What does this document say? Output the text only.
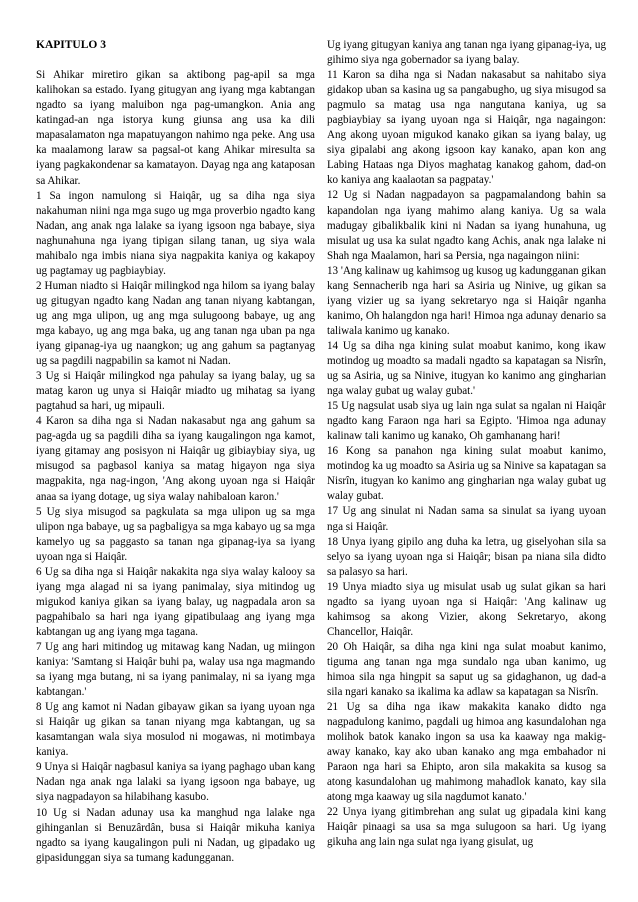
KAPITULO 3

Si Ahikar miretiro gikan sa aktibong pag-apil sa mga kalihokan sa estado. Iyang gitugyan ang iyang mga kabtangan ngadto sa iyang maluibon nga pag-umangkon. Ania ang katingad-an nga istorya kung giunsa ang usa ka dili mapasalamaton nga mapatuyangon nahimo nga peke. Ang usa ka maalamong laraw sa pagsal-ot kang Ahikar miresulta sa iyang pagkakondenar sa kamatayon. Dayag nga ang kataposan sa Ahikar.

1 Sa ingon namulong si Haiqâr, ug sa diha nga siya nakahuman niini nga mga sugo ug mga proverbio ngadto kang Nadan, ang anak nga lalake sa iyang igsoon nga babaye, siya naghunahuna nga iyang tipigan silang tanan, ug siya wala mahibalo nga imbis niana siya nagpakita kaniya og kakapoy ug pagtamay ug pagbiaybiay.

2 Human niadto si Haiqâr milingkod nga hilom sa iyang balay ug gitugyan ngadto kang Nadan ang tanan niyang kabtangan, ug ang mga ulipon, ug ang mga sulugoong babaye, ug ang mga kabayo, ug ang mga baka, ug ang tanan nga uban pa nga iyang gipanag-iya ug naangkon; ug ang gahum sa pagtanyag ug sa pagdili nagpabilin sa kamot ni Nadan.

3 Ug si Haiqâr milingkod nga pahulay sa iyang balay, ug sa matag karon ug unya si Haiqâr miadto ug mihatag sa iyang pagtahud sa hari, ug mipauli.

4 Karon sa diha nga si Nadan nakasabut nga ang gahum sa pag-agda ug sa pagdili diha sa iyang kaugalingon nga kamot, iyang gitamay ang posisyon ni Haiqâr ug gibiaybiay siya, ug misugod sa pagbasol kaniya sa matag higayon nga siya magpakita, nga nag-ingon, 'Ang akong uyoan nga si Haiqâr anaa sa iyang dotage, ug siya walay nahibaloan karon.'

5 Ug siya misugod sa pagkulata sa mga ulipon ug sa mga ulipon nga babaye, ug sa pagbaligya sa mga kabayo ug sa mga kamelyo ug sa paggasto sa tanan nga gipanag-iya sa iyang uyoan nga si Haiqâr.

6 Ug sa diha nga si Haiqâr nakakita nga siya walay kalooy sa iyang mga alagad ni sa iyang panimalay, siya mitindog ug migukod kaniya gikan sa iyang balay, ug nagpadala aron sa pagpahibalo sa hari nga iyang gipatibulaag ang iyang mga kabtangan ug ang iyang mga tagana.

7 Ug ang hari mitindog ug mitawag kang Nadan, ug miingon kaniya: 'Samtang si Haiqâr buhi pa, walay usa nga magmando sa iyang mga butang, ni sa iyang panimalay, ni sa iyang mga kabtangan.'

8 Ug ang kamot ni Nadan gibayaw gikan sa iyang uyoan nga si Haiqâr ug gikan sa tanan niyang mga kabtangan, ug sa kasamtangan wala siya mosulod ni mogawas, ni motimbaya kaniya.

9 Unya si Haiqâr nagbasul kaniya sa iyang paghago uban kang Nadan nga anak nga lalaki sa iyang igsoon nga babaye, ug siya nagpadayon sa hilabihang kasubo.

10 Ug si Nadan adunay usa ka manghud nga lalake nga gihinganlan si Benuzârdân, busa si Haiqâr mikuha kaniya ngadto sa iyang kaugalingon puli ni Nadan, ug gipadako ug gipasidunggan siya sa tumang kadungganan.

Ug iyang gitugyan kaniya ang tanan nga iyang gipanag-iya, ug gihimo siya nga gobernador sa iyang balay.

11 Karon sa diha nga si Nadan nakasabut sa nahitabo siya gidakop uban sa kasina ug sa pangabugho, ug siya misugod sa pagmulo sa matag usa nga nangutana kaniya, ug sa pagbiaybiay sa iyang uyoan nga si Haiqâr, nga nagaingon: Ang akong uyoan migukod kanako gikan sa iyang balay, ug siya gipalabi ang akong igsoon kay kanako, apan kon ang Labing Hataas nga Diyos maghatag kanakog gahom, dad-on ko kaniya ang kaalaotan sa pagpatay.'

12 Ug si Nadan nagpadayon sa pagpamalandong bahin sa kapandolan nga iyang mahimo alang kaniya. Ug sa wala madugay gibalikbalik kini ni Nadan sa iyang hunahuna, ug misulat ug usa ka sulat ngadto kang Achis, anak nga lalake ni Shah nga Maalamon, hari sa Persia, nga nagaingon niini:

13 'Ang kalinaw ug kahimsog ug kusog ug kadungganan gikan kang Sennacherib nga hari sa Asiria ug Ninive, ug gikan sa iyang vizier ug sa iyang sekretaryo nga si Haiqâr nganha kanimo, Oh halangdon nga hari! Himoa nga adunay denario sa taliwala kanimo ug kanako.

14 Ug sa diha nga kining sulat moabut kanimo, kong ikaw motindog ug moadto sa madali ngadto sa kapatagan sa Nisrîn, ug sa Asiria, ug sa Ninive, itugyan ko kanimo ang gingharian nga walay gubat ug walay gubat.'

15 Ug nagsulat usab siya ug lain nga sulat sa ngalan ni Haiqâr ngadto kang Faraon nga hari sa Egipto. 'Himoa nga adunay kalinaw tali kanimo ug kanako, Oh gamhanang hari!

16 Kong sa panahon nga kining sulat moabut kanimo, motindog ka ug moadto sa Asiria ug sa Ninive sa kapatagan sa Nisrîn, itugyan ko kanimo ang gingharian nga walay gubat ug walay gubat.

17 Ug ang sinulat ni Nadan sama sa sinulat sa iyang uyoan nga si Haiqâr.

18 Unya iyang gipilo ang duha ka letra, ug giselyohan sila sa selyo sa iyang uyoan nga si Haiqâr; bisan pa niana sila didto sa palasyo sa hari.

19 Unya miadto siya ug misulat usab ug sulat gikan sa hari ngadto sa iyang uyoan nga si Haiqâr: 'Ang kalinaw ug kahimsog sa akong Vizier, akong Sekretaryo, akong Chancellor, Haiqâr.

20 Oh Haiqâr, sa diha nga kini nga sulat moabut kanimo, tiguma ang tanan nga mga sundalo nga uban kanimo, ug himoa sila nga hingpit sa saput ug sa gidaghanon, ug dad-a sila ngari kanako sa ikalima ka adlaw sa kapatagan sa Nisrîn.

21 Ug sa diha nga ikaw makakita kanako didto nga nagpadulong kanimo, pagdali ug himoa ang kasundalohan nga molihok batok kanako ingon sa usa ka kaaway nga makig-away kanako, kay ako uban kanako ang mga embahador ni Paraon nga hari sa Ehipto, aron sila makakita sa kusog sa atong kasundalohan ug mahimong mahadlok kanato, kay sila atong mga kaaway ug sila nagdumot kanato.'

22 Unya iyang gitimbrehan ang sulat ug gipadala kini kang Haiqâr pinaagi sa usa sa mga sulugoon sa hari. Ug iyang gikuha ang lain nga sulat nga iyang gisulat, ug
